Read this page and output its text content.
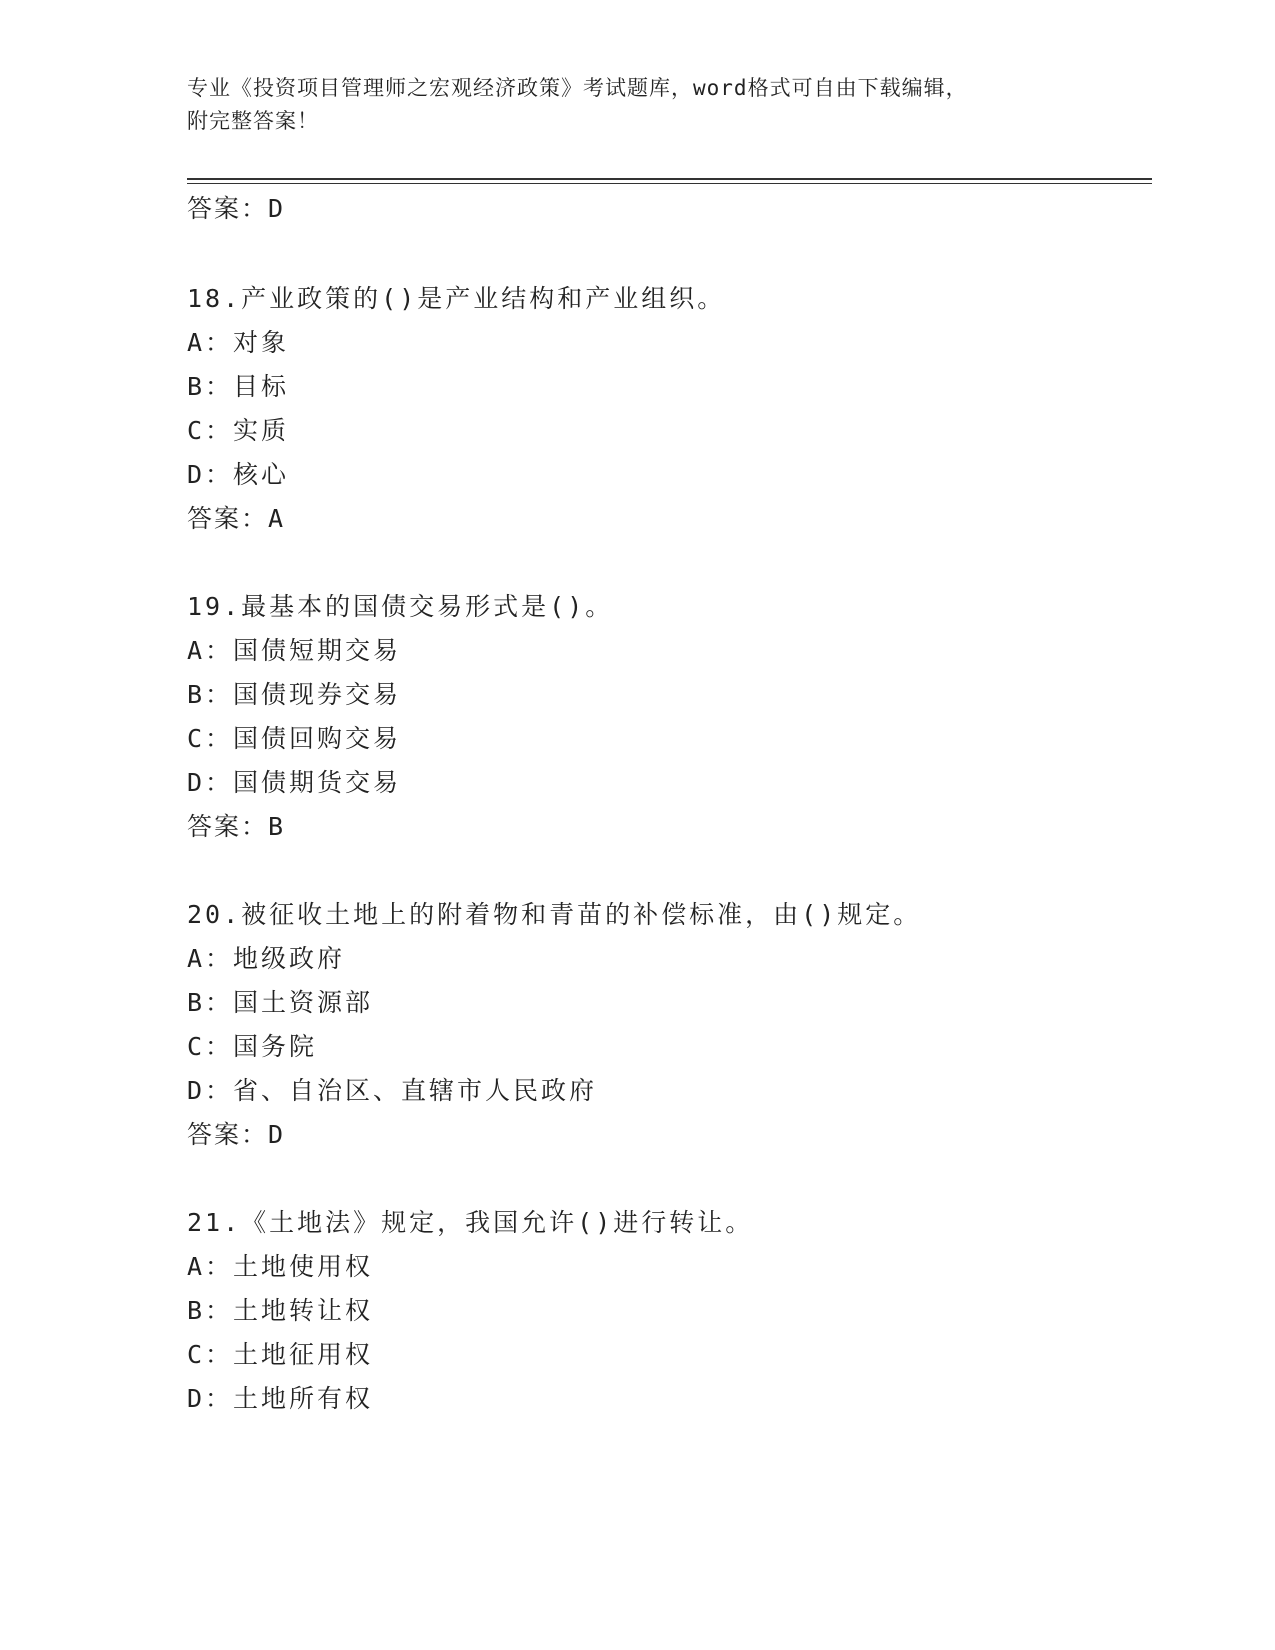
专业《投资项目管理师之宏观经济政策》考试题库，word格式可自由下载编辑，
附完整答案！
答案：D
18.产业政策的()是产业结构和产业组织。
A：对象
B：目标
C：实质
D：核心
答案：A
19.最基本的国债交易形式是()。
A：国债短期交易
B：国债现券交易
C：国债回购交易
D：国债期货交易
答案：B
20.被征收土地上的附着物和青苗的补偿标准，由()规定。
A：地级政府
B：国土资源部
C：国务院
D：省、自治区、直辖市人民政府
答案：D
21.《土地法》规定，我国允许()进行转让。
A：土地使用权
B：土地转让权
C：土地征用权
D：土地所有权
